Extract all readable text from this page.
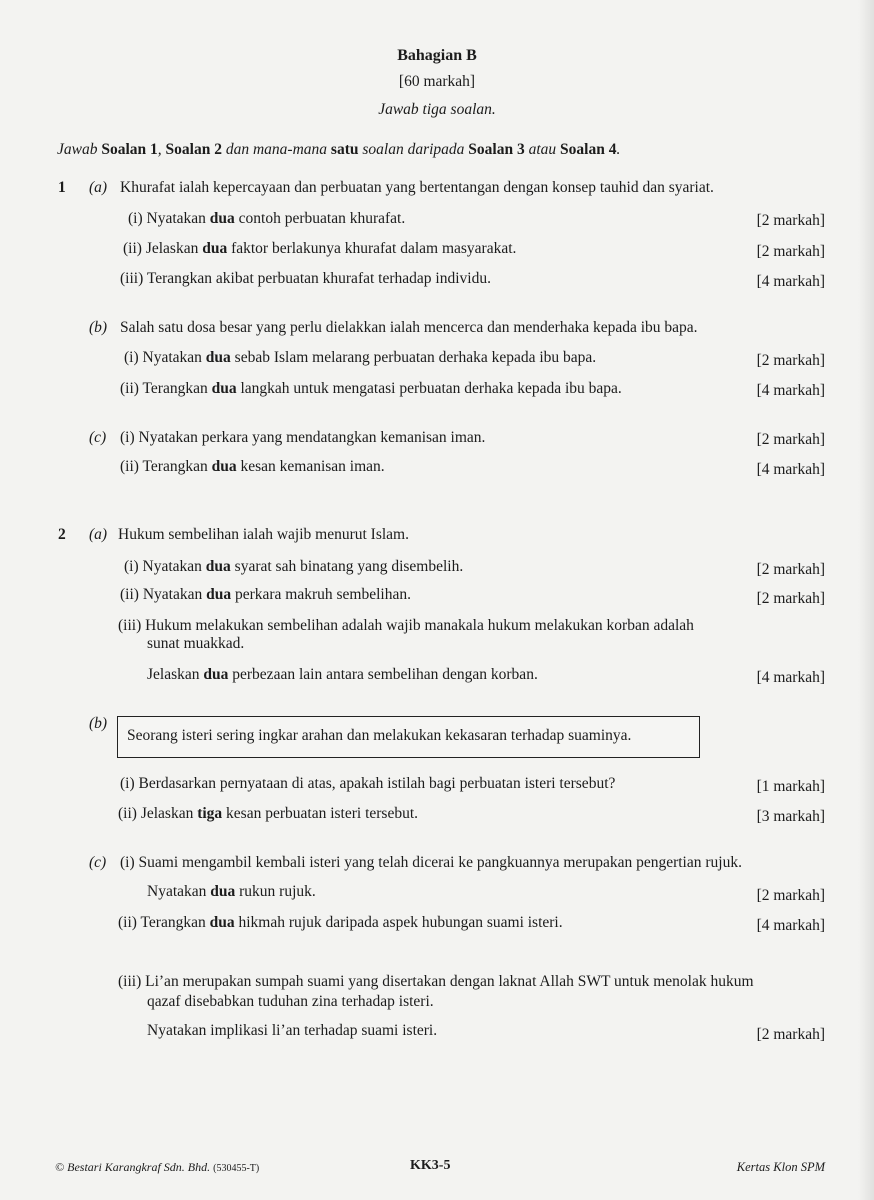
Bahagian B
[60 markah]
Jawab tiga soalan.
Jawab Soalan 1, Soalan 2 dan mana-mana satu soalan daripada Soalan 3 atau Soalan 4.
1 (a) Khurafat ialah kepercayaan dan perbuatan yang bertentangan dengan konsep tauhid dan syariat.
(i) Nyatakan dua contoh perbuatan khurafat.	[2 markah]
(ii) Jelaskan dua faktor berlakunya khurafat dalam masyarakat.	[2 markah]
(iii) Terangkan akibat perbuatan khurafat terhadap individu.	[4 markah]
(b) Salah satu dosa besar yang perlu dielakkan ialah mencerca dan menderhaka kepada ibu bapa.
(i) Nyatakan dua sebab Islam melarang perbuatan derhaka kepada ibu bapa.	[2 markah]
(ii) Terangkan dua langkah untuk mengatasi perbuatan derhaka kepada ibu bapa.	[4 markah]
(c) (i) Nyatakan perkara yang mendatangkan kemanisan iman.	[2 markah]
(ii) Terangkan dua kesan kemanisan iman.	[4 markah]
2 (a) Hukum sembelihan ialah wajib menurut Islam.
(i) Nyatakan dua syarat sah binatang yang disembelih.	[2 markah]
(ii) Nyatakan dua perkara makruh sembelihan.	[2 markah]
(iii) Hukum melakukan sembelihan adalah wajib manakala hukum melakukan korban adalah
sunat muakkad.
Jelaskan dua perbezaan lain antara sembelihan dengan korban.	[4 markah]
(b)
Seorang isteri sering ingkar arahan dan melakukan kekasaran terhadap suaminya.
(i) Berdasarkan pernyataan di atas, apakah istilah bagi perbuatan isteri tersebut?	[1 markah]
(ii) Jelaskan tiga kesan perbuatan isteri tersebut.	[3 markah]
(c) (i) Suami mengambil kembali isteri yang telah dicerai ke pangkuannya merupakan pengertian rujuk.
Nyatakan dua rukun rujuk.	[2 markah]
(ii) Terangkan dua hikmah rujuk daripada aspek hubungan suami isteri.	[4 markah]
(iii) Li’an merupakan sumpah suami yang disertakan dengan laknat Allah SWT untuk menolak hukum
qazaf disebabkan tuduhan zina terhadap isteri.
Nyatakan implikasi li’an terhadap suami isteri.	[2 markah]
© Bestari Karangkraf Sdn. Bhd. (530455-T)	KK3-5	Kertas Klon SPM
